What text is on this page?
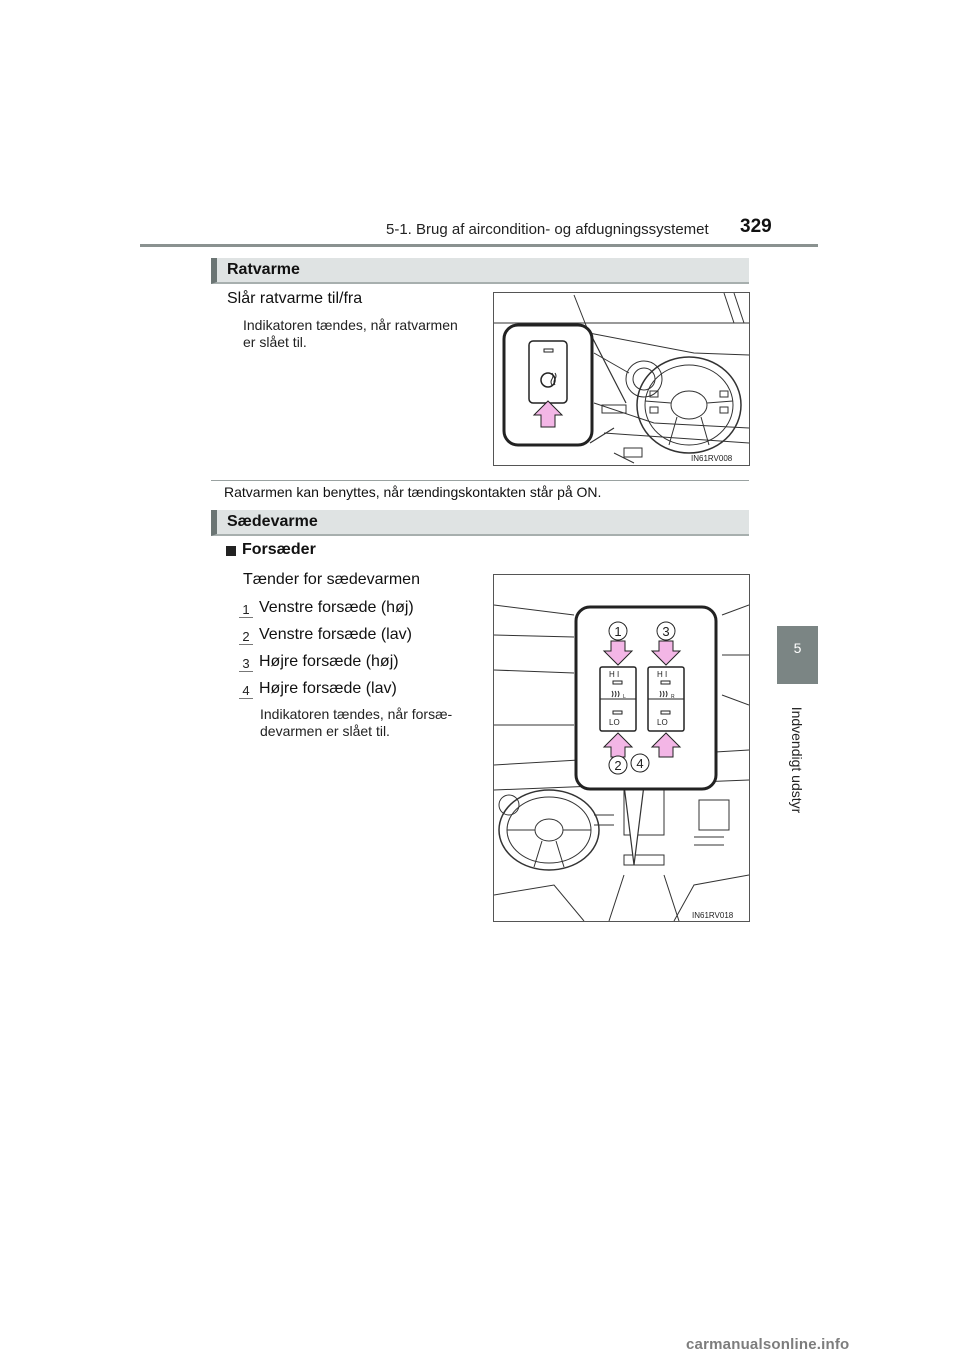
5-1. Brug af aircondition- og afdugningssystemet 329
5
Indvendigt udstyr
Ratvarme
Slår ratvarme til/fra
Indikatoren tændes, når ratvarmen
er slået til.
IN61RV008
Ratvarmen kan benyttes, når tændingskontakten står på ON.
Sædevarme
Forsæder
Tænder for sædevarmen
1 Venstre forsæde (høj)
2 Venstre forsæde (lav)
3 Højre forsæde (høj)
4 Højre forsæde (lav)
Indikatoren tændes, når forsæ-
devarmen er slået til.
H I	H I
LO	LO
L	R
1	3
2 4
IN61RV018
carmanualsonline.info
